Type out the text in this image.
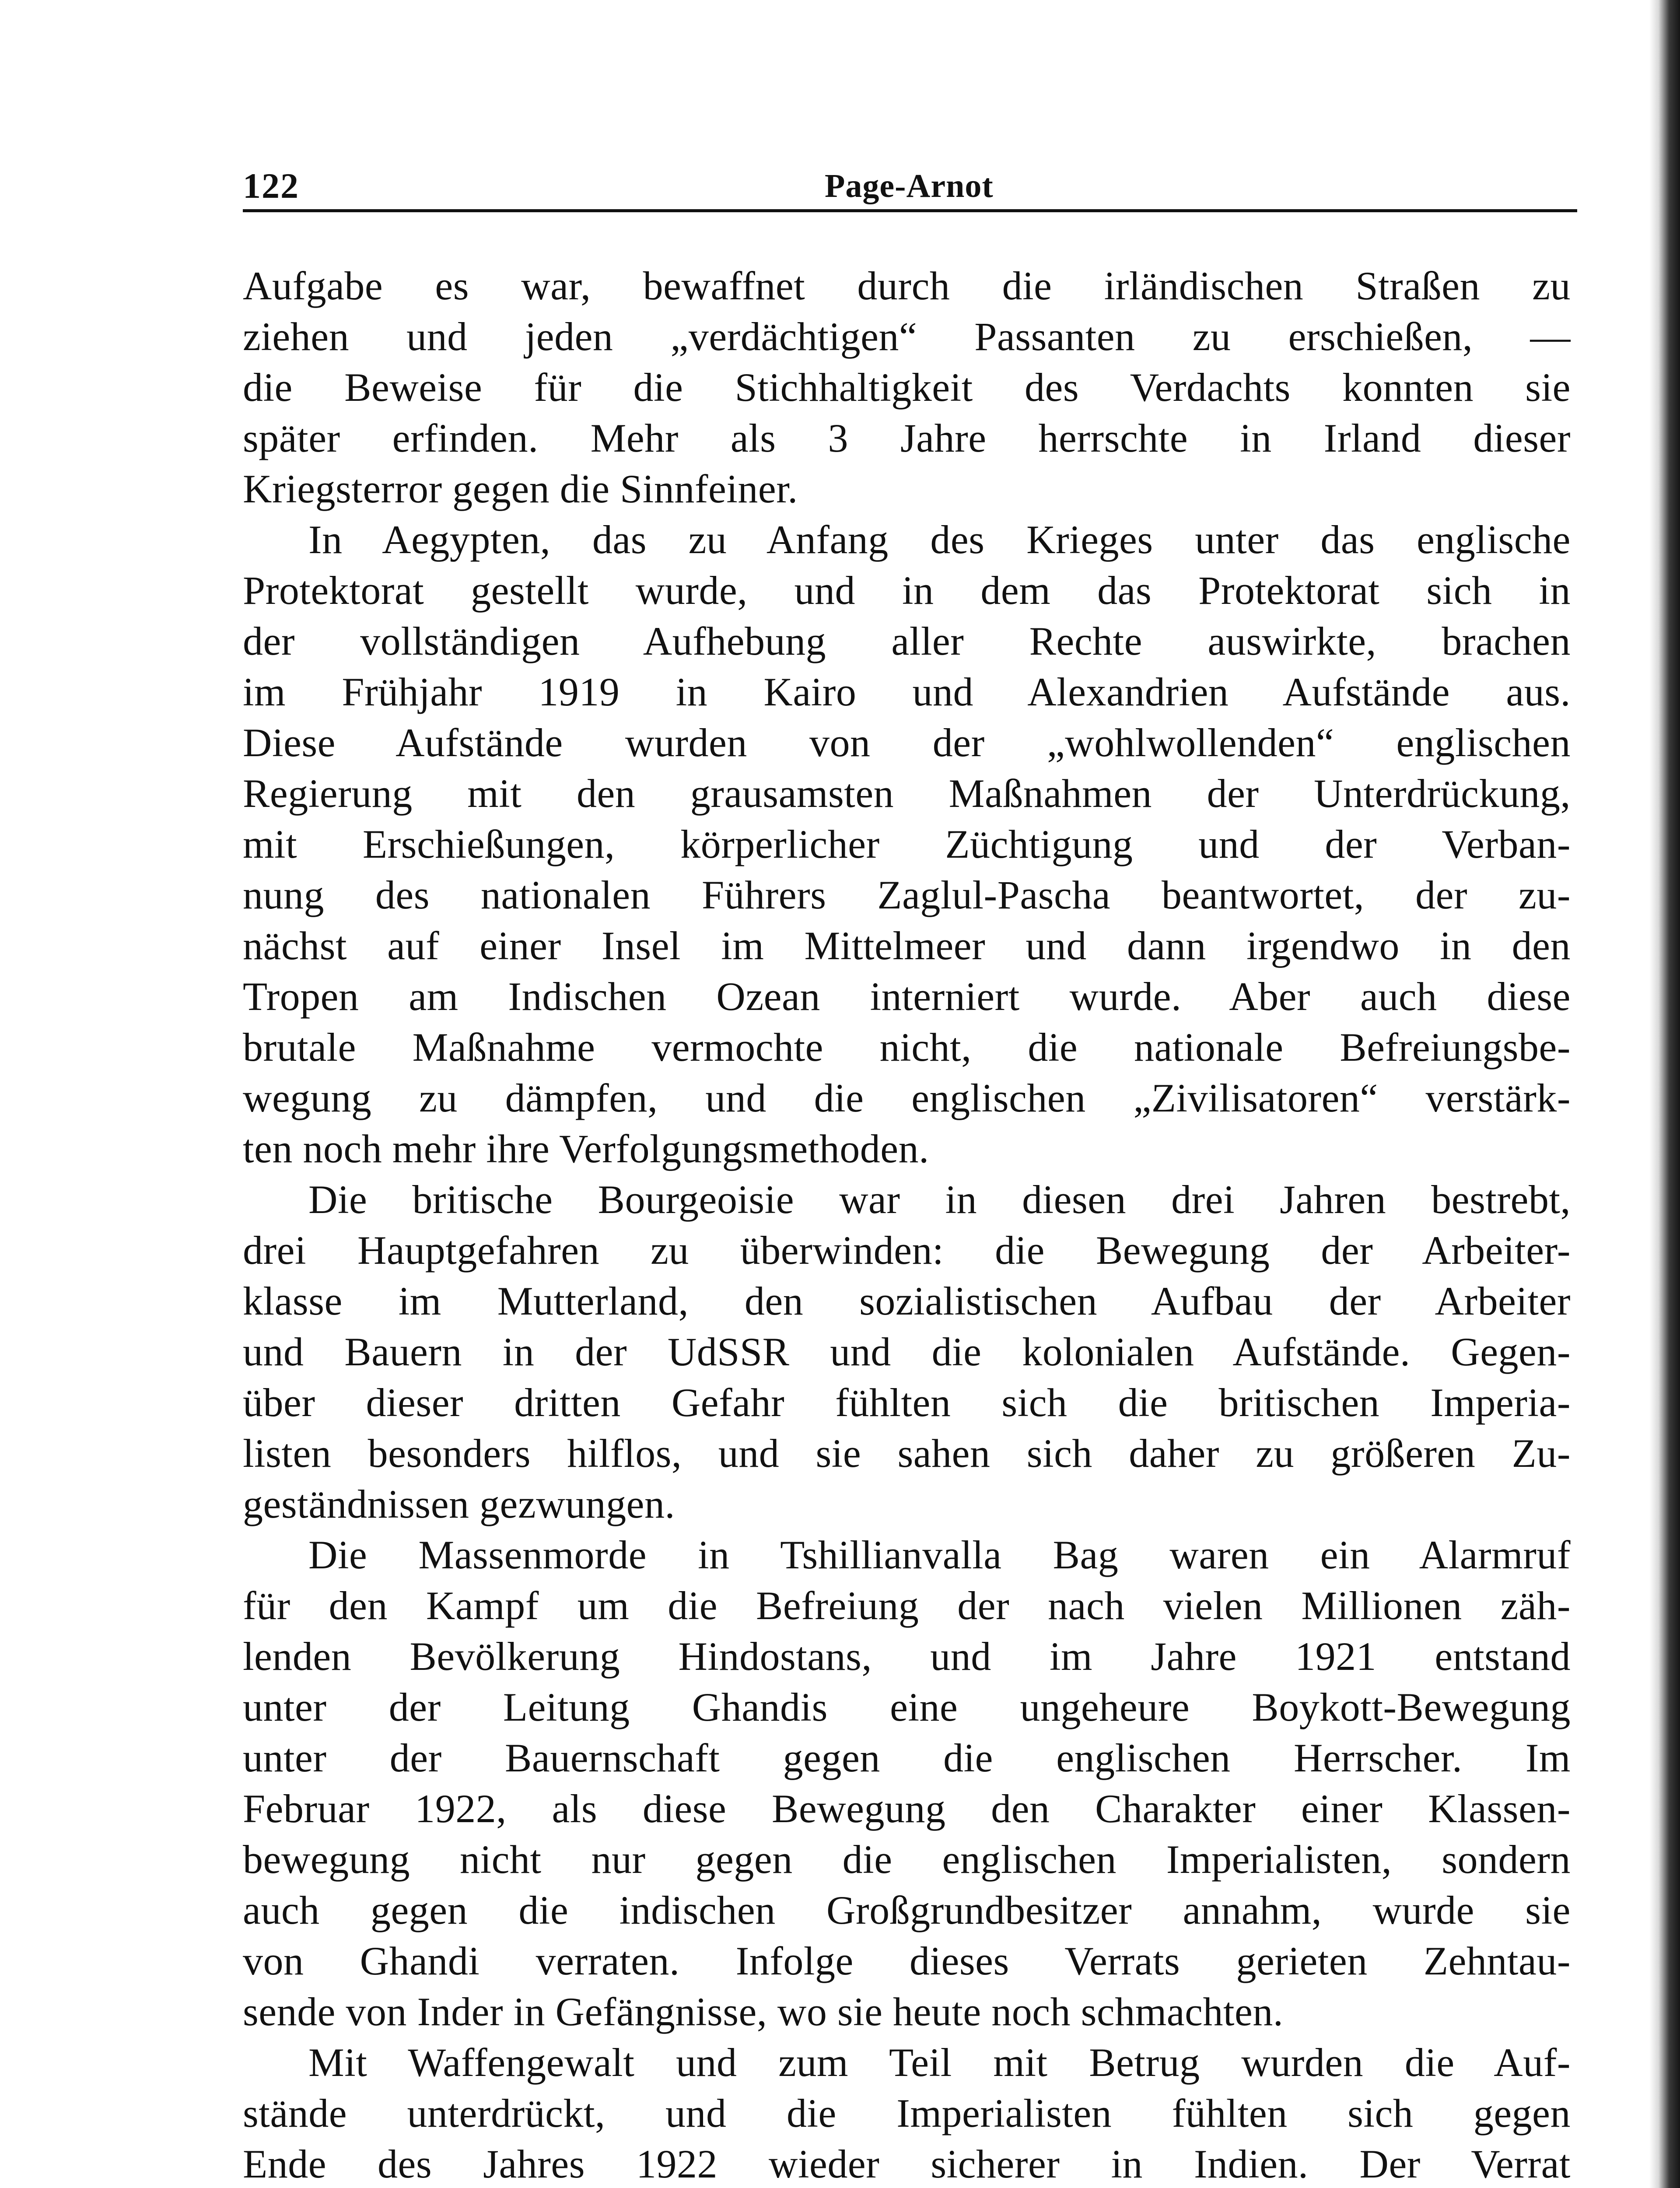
122	Page-Arnot
Aufgabe es war, bewaffnet durch die irländischen Straßen zu
ziehen und jeden „verdächtigen“ Passanten zu erschießen, —
die Beweise für die Stichhaltigkeit des Verdachts konnten sie
später erfinden. Mehr als 3 Jahre herrschte in Irland dieser
Kriegsterror gegen die Sinnfeiner.
In Aegypten, das zu Anfang des Krieges unter das englische
Protektorat gestellt wurde, und in dem das Protektorat sich in
der vollständigen Aufhebung aller Rechte auswirkte, brachen
im Frühjahr 1919 in Kairo und Alexandrien Aufstände aus.
Diese Aufstände wurden von der „wohlwollenden“ englischen
Regierung mit den grausamsten Maßnahmen der Unterdrückung,
mit Erschießungen, körperlicher Züchtigung und der Verban-
nung des nationalen Führers Zaglul-Pascha beantwortet, der zu-
nächst auf einer Insel im Mittelmeer und dann irgendwo in den
Tropen am Indischen Ozean interniert wurde. Aber auch diese
brutale Maßnahme vermochte nicht, die nationale Befreiungsbe-
wegung zu dämpfen, und die englischen „Zivilisatoren“ verstärk-
ten noch mehr ihre Verfolgungsmethoden.
Die britische Bourgeoisie war in diesen drei Jahren bestrebt,
drei Hauptgefahren zu überwinden: die Bewegung der Arbeiter-
klasse im Mutterland, den sozialistischen Aufbau der Arbeiter
und Bauern in der UdSSR und die kolonialen Aufstände. Gegen-
über dieser dritten Gefahr fühlten sich die britischen Imperia-
listen besonders hilflos, und sie sahen sich daher zu größeren Zu-
geständnissen gezwungen.
Die Massenmorde in Tshillianvalla Bag waren ein Alarmruf
für den Kampf um die Befreiung der nach vielen Millionen zäh-
lenden Bevölkerung Hindostans, und im Jahre 1921 entstand
unter der Leitung Ghandis eine ungeheure Boykott-Bewegung
unter der Bauernschaft gegen die englischen Herrscher. Im
Februar 1922, als diese Bewegung den Charakter einer Klassen-
bewegung nicht nur gegen die englischen Imperialisten, sondern
auch gegen die indischen Großgrundbesitzer annahm, wurde sie
von Ghandi verraten. Infolge dieses Verrats gerieten Zehntau-
sende von Inder in Gefängnisse, wo sie heute noch schmachten.
Mit Waffengewalt und zum Teil mit Betrug wurden die Auf-
stände unterdrückt, und die Imperialisten fühlten sich gegen
Ende des Jahres 1922 wieder sicherer in Indien. Der Verrat
